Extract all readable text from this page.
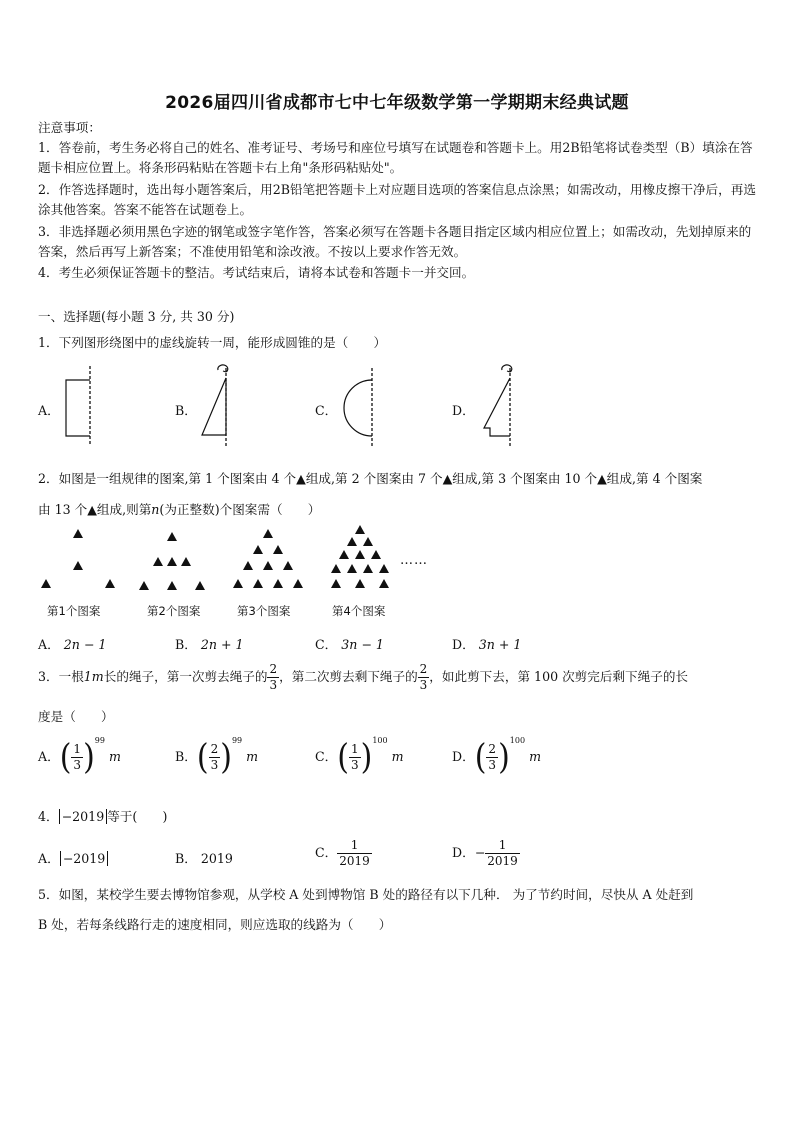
2026届四川省成都市七中七年级数学第一学期期末经典试题
注意事项：
1．答卷前，考生务必将自己的姓名、准考证号、考场号和座位号填写在试题卷和答题卡上。用2B铅笔将试卷类型（B）填涂在答题卡相应位置上。将条形码粘贴在答题卡右上角"条形码粘贴处"。
2．作答选择题时，选出每小题答案后，用2B铅笔把答题卡上对应题目选项的答案信息点涂黑；如需改动，用橡皮擦干净后，再选涂其他答案。答案不能答在试题卷上。
3．非选择题必须用黑色字迹的钢笔或签字笔作答，答案必须写在答题卡各题目指定区域内相应位置上；如需改动，先划掉原来的答案，然后再写上新答案；不准使用铅笔和涂改液。不按以上要求作答无效。
4．考生必须保证答题卡的整洁。考试结束后，请将本试卷和答题卡一并交回。
一、选择题(每小题 3 分, 共 30 分)
1．下列图形绕图中的虚线旋转一周，能形成圆锥的是（　　）
A．	B．	C．	D．
2．如图是一组规律的图案,第 1 个图案由 4 个▲组成,第 2 个图案由 7 个▲组成,第 3 个图案由 10 个▲组成,第 4 个图案
由 13 个▲组成,则第n(为正整数)个图案需（　　）
第1个图案	第2个图案	第3个图案	第4个图案
……
A． 2n − 1	B． 2n + 1	C． 3n − 1	D． 3n + 1
3．一根1m长的绳子，第一次剪去绳子的 $\frac{2}{3}$ ，第二次剪去剩下绳子的 $\frac{2}{3}$ ，如此剪下去，第 100 次剪完后剩下绳子的长
度是（　　）
A．( $\frac{1}{3} )^{99}$ m	B．( $\frac{2}{3} )^{99}$ m	C．( $\frac{1}{3} )^{100}$ m	D．( $\frac{2}{3} )^{100}$ m
4． −2019 等于(　　)
A． −2019	B． 2019	C． $\frac{1}{2019}$	D．− $\frac{1}{2019}$
5．如图，某校学生要去博物馆参观，从学校 A 处到博物馆 B 处的路径有以下几种． 为了节约时间，尽快从 A 处赶到
B 处，若每条线路行走的速度相同，则应选取的线路为（　　）
